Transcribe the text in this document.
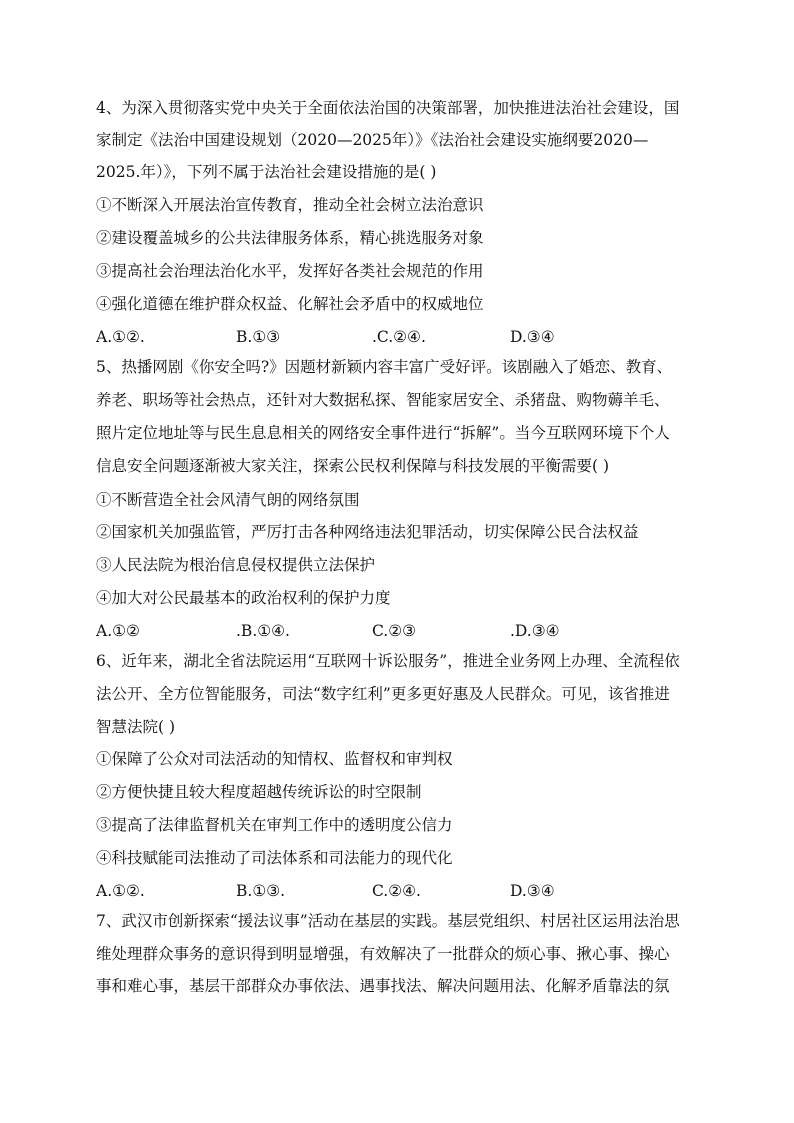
4、为深入贯彻落实党中央关于全面依法治国的决策部署，加快推进法治社会建设，国
家制定《法治中国建设规划（2020—2025年）》《法治社会建设实施纲要2020—
2025.年）》，下列不属于法治社会建设措施的是( )
①不断深入开展法治宣传教育，推动全社会树立法治意识
②建设覆盖城乡的公共法律服务体系，精心挑选服务对象
③提高社会治理法治化水平，发挥好各类社会规范的作用
④强化道德在维护群众权益、化解社会矛盾中的权威地位
A.①②.	B.①③	.C.②④.	D.③④
5、热播网剧《你安全吗?》因题材新颖内容丰富广受好评。该剧融入了婚恋、教育、
养老、职场等社会热点，还针对大数据私探、智能家居安全、杀猪盘、购物薅羊毛、
照片定位地址等与民生息息相关的网络安全事件进行“拆解”。当今互联网环境下个人
信息安全问题逐渐被大家关注，探索公民权利保障与科技发展的平衡需要( )
①不断营造全社会风清气朗的网络氛围
②国家机关加强监管，严厉打击各种网络违法犯罪活动，切实保障公民合法权益
③人民法院为根治信息侵权提供立法保护
④加大对公民最基本的政治权利的保护力度
A.①②	.B.①④.	C.②③	.D.③④
6、近年来，湖北全省法院运用“互联网十诉讼服务”，推进全业务网上办理、全流程依
法公开、全方位智能服务，司法“数字红利”更多更好惠及人民群众。可见，该省推进
智慧法院( )
①保障了公众对司法活动的知情权、监督权和审判权
②方便快捷且较大程度超越传统诉讼的时空限制
③提高了法律监督机关在审判工作中的透明度公信力
④科技赋能司法推动了司法体系和司法能力的现代化
A.①②.	B.①③.	C.②④.	D.③④
7、武汉市创新探索“援法议事”活动在基层的实践。基层党组织、村居社区运用法治思
维处理群众事务的意识得到明显增强，有效解决了一批群众的烦心事、揪心事、操心
事和难心事，基层干部群众办事依法、遇事找法、解决问题用法、化解矛盾靠法的氛
